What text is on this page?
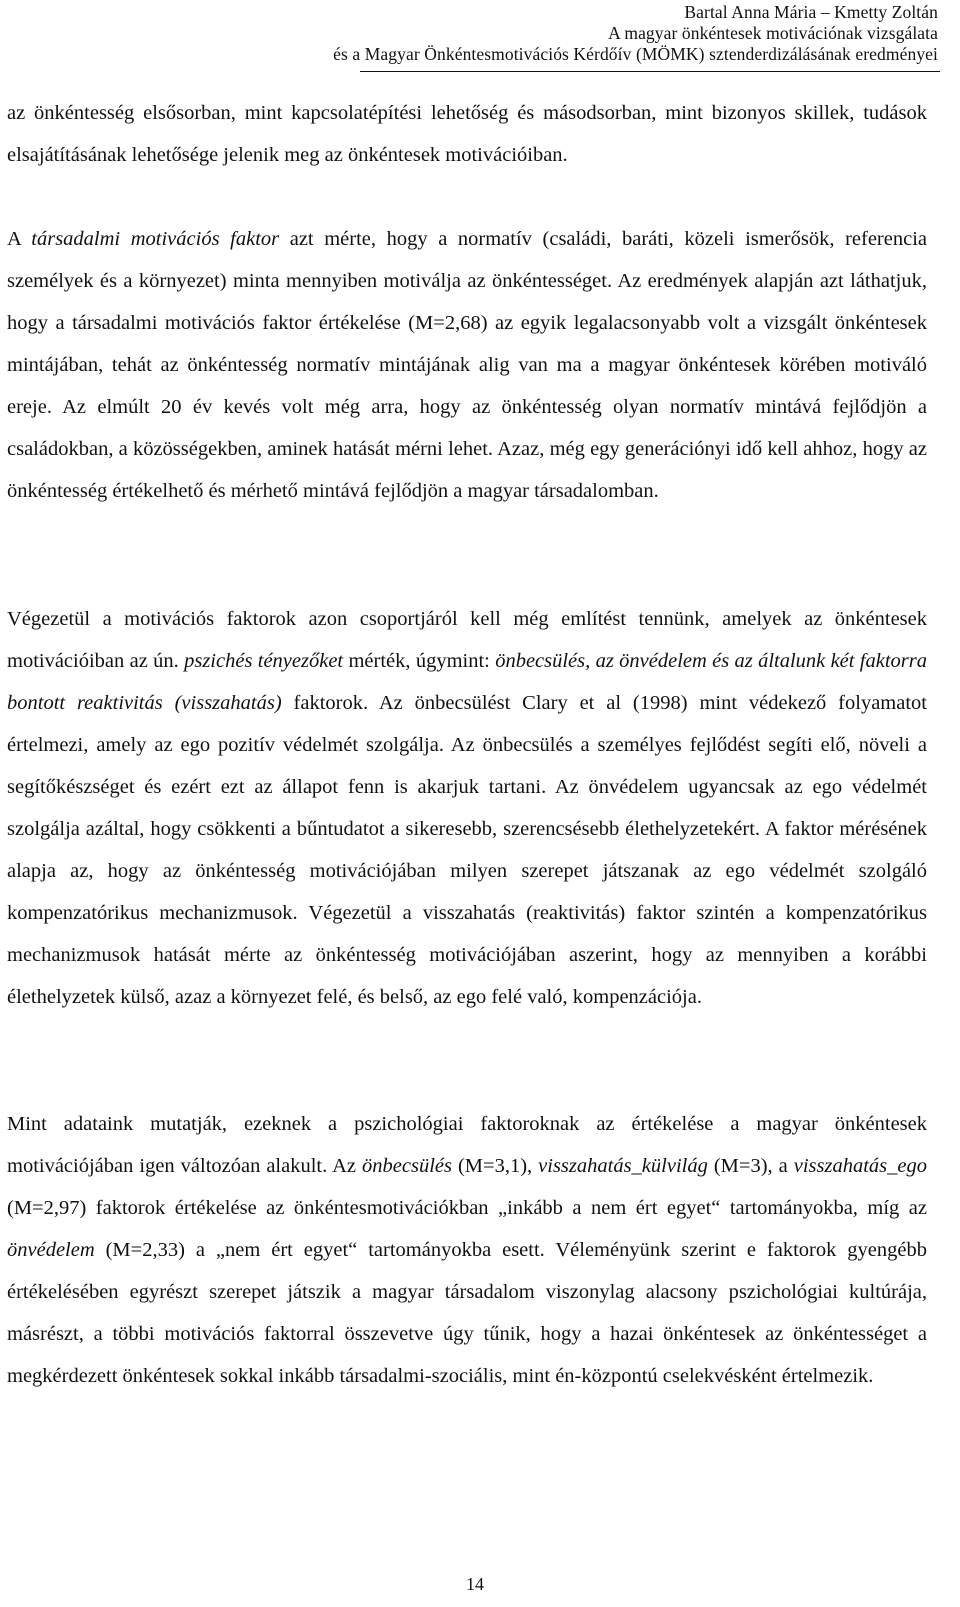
Bartal Anna Mária – Kmetty Zoltán
A magyar önkéntesek motivációnak vizsgálata
és a Magyar Önkéntesmotivációs Kérdőív (MÖMK) sztenderdizálásának eredményei

az önkéntesség elsősorban, mint kapcsolatépítési lehetőség és másodsorban, mint bizonyos skillek, tudások elsajátításának lehetősége jelenik meg az önkéntesek motivációiban.

A társadalmi motivációs faktor azt mérte, hogy a normatív (családi, baráti, közeli ismerősök, referencia személyek és a környezet) minta mennyiben motiválja az önkéntességet. Az eredmények alapján azt láthatjuk, hogy a társadalmi motivációs faktor értékelése (M=2,68) az egyik legalacsonyabb volt a vizsgált önkéntesek mintájában, tehát az önkéntesség normatív mintájának alig van ma a magyar önkéntesek körében motiváló ereje. Az elmúlt 20 év kevés volt még arra, hogy az önkéntesség olyan normatív mintává fejlődjön a családokban, a közösségekben, aminek hatását mérni lehet. Azaz, még egy generációnyi idő kell ahhoz, hogy az önkéntesség értékelhető és mérhető mintává fejlődjön a magyar társadalomban.

Végezetül a motivációs faktorok azon csoportjáról kell még említést tennünk, amelyek az önkéntesek motivációiban az ún. pszichés tényezőket mérték, úgymint: önbecsülés, az önvédelem és az általunk két faktorra bontott reaktivitás (visszahatás) faktorok. Az önbecsülést Clary et al (1998) mint védekező folyamatot értelmezi, amely az ego pozitív védelmét szolgálja. Az önbecsülés a személyes fejlődést segíti elő, növeli a segítőkészséget és ezért ezt az állapot fenn is akarjuk tartani. Az önvédelem ugyancsak az ego védelmét szolgálja azáltal, hogy csökkenti a bűntudatot a sikeresebb, szerencsésebb élethelyzetekért. A faktor mérésének alapja az, hogy az önkéntesség motivációjában milyen szerepet játszanak az ego védelmét szolgáló kompenzatórikus mechanizmusok. Végezetül a visszahatás (reaktivitás) faktor szintén a kompenzatórikus mechanizmusok hatását mérte az önkéntesség motivációjában aszerint, hogy az mennyiben a korábbi élethelyzetek külső, azaz a környezet felé, és belső, az ego felé való, kompenzációja.

Mint adataink mutatják, ezeknek a pszichológiai faktoroknak az értékelése a magyar önkéntesek motivációjában igen változóan alakult. Az önbecsülés (M=3,1), visszahatás_külvilág (M=3), a visszahatás_ego (M=2,97) faktorok értékelése az önkéntesmotivációkban „inkább a nem ért egyet“ tartományokba, míg az önvédelem (M=2,33) a „nem ért egyet“ tartományokba esett. Véleményünk szerint e faktorok gyengébb értékelésében egyrészt szerepet játszik a magyar társadalom viszonylag alacsony pszichológiai kultúrája, másrészt, a többi motivációs faktorral összevetve úgy tűnik, hogy a hazai önkéntesek az önkéntességet a megkérdezett önkéntesek sokkal inkább társadalmi-szociális, mint én-központú cselekvésként értelmezik.

14
